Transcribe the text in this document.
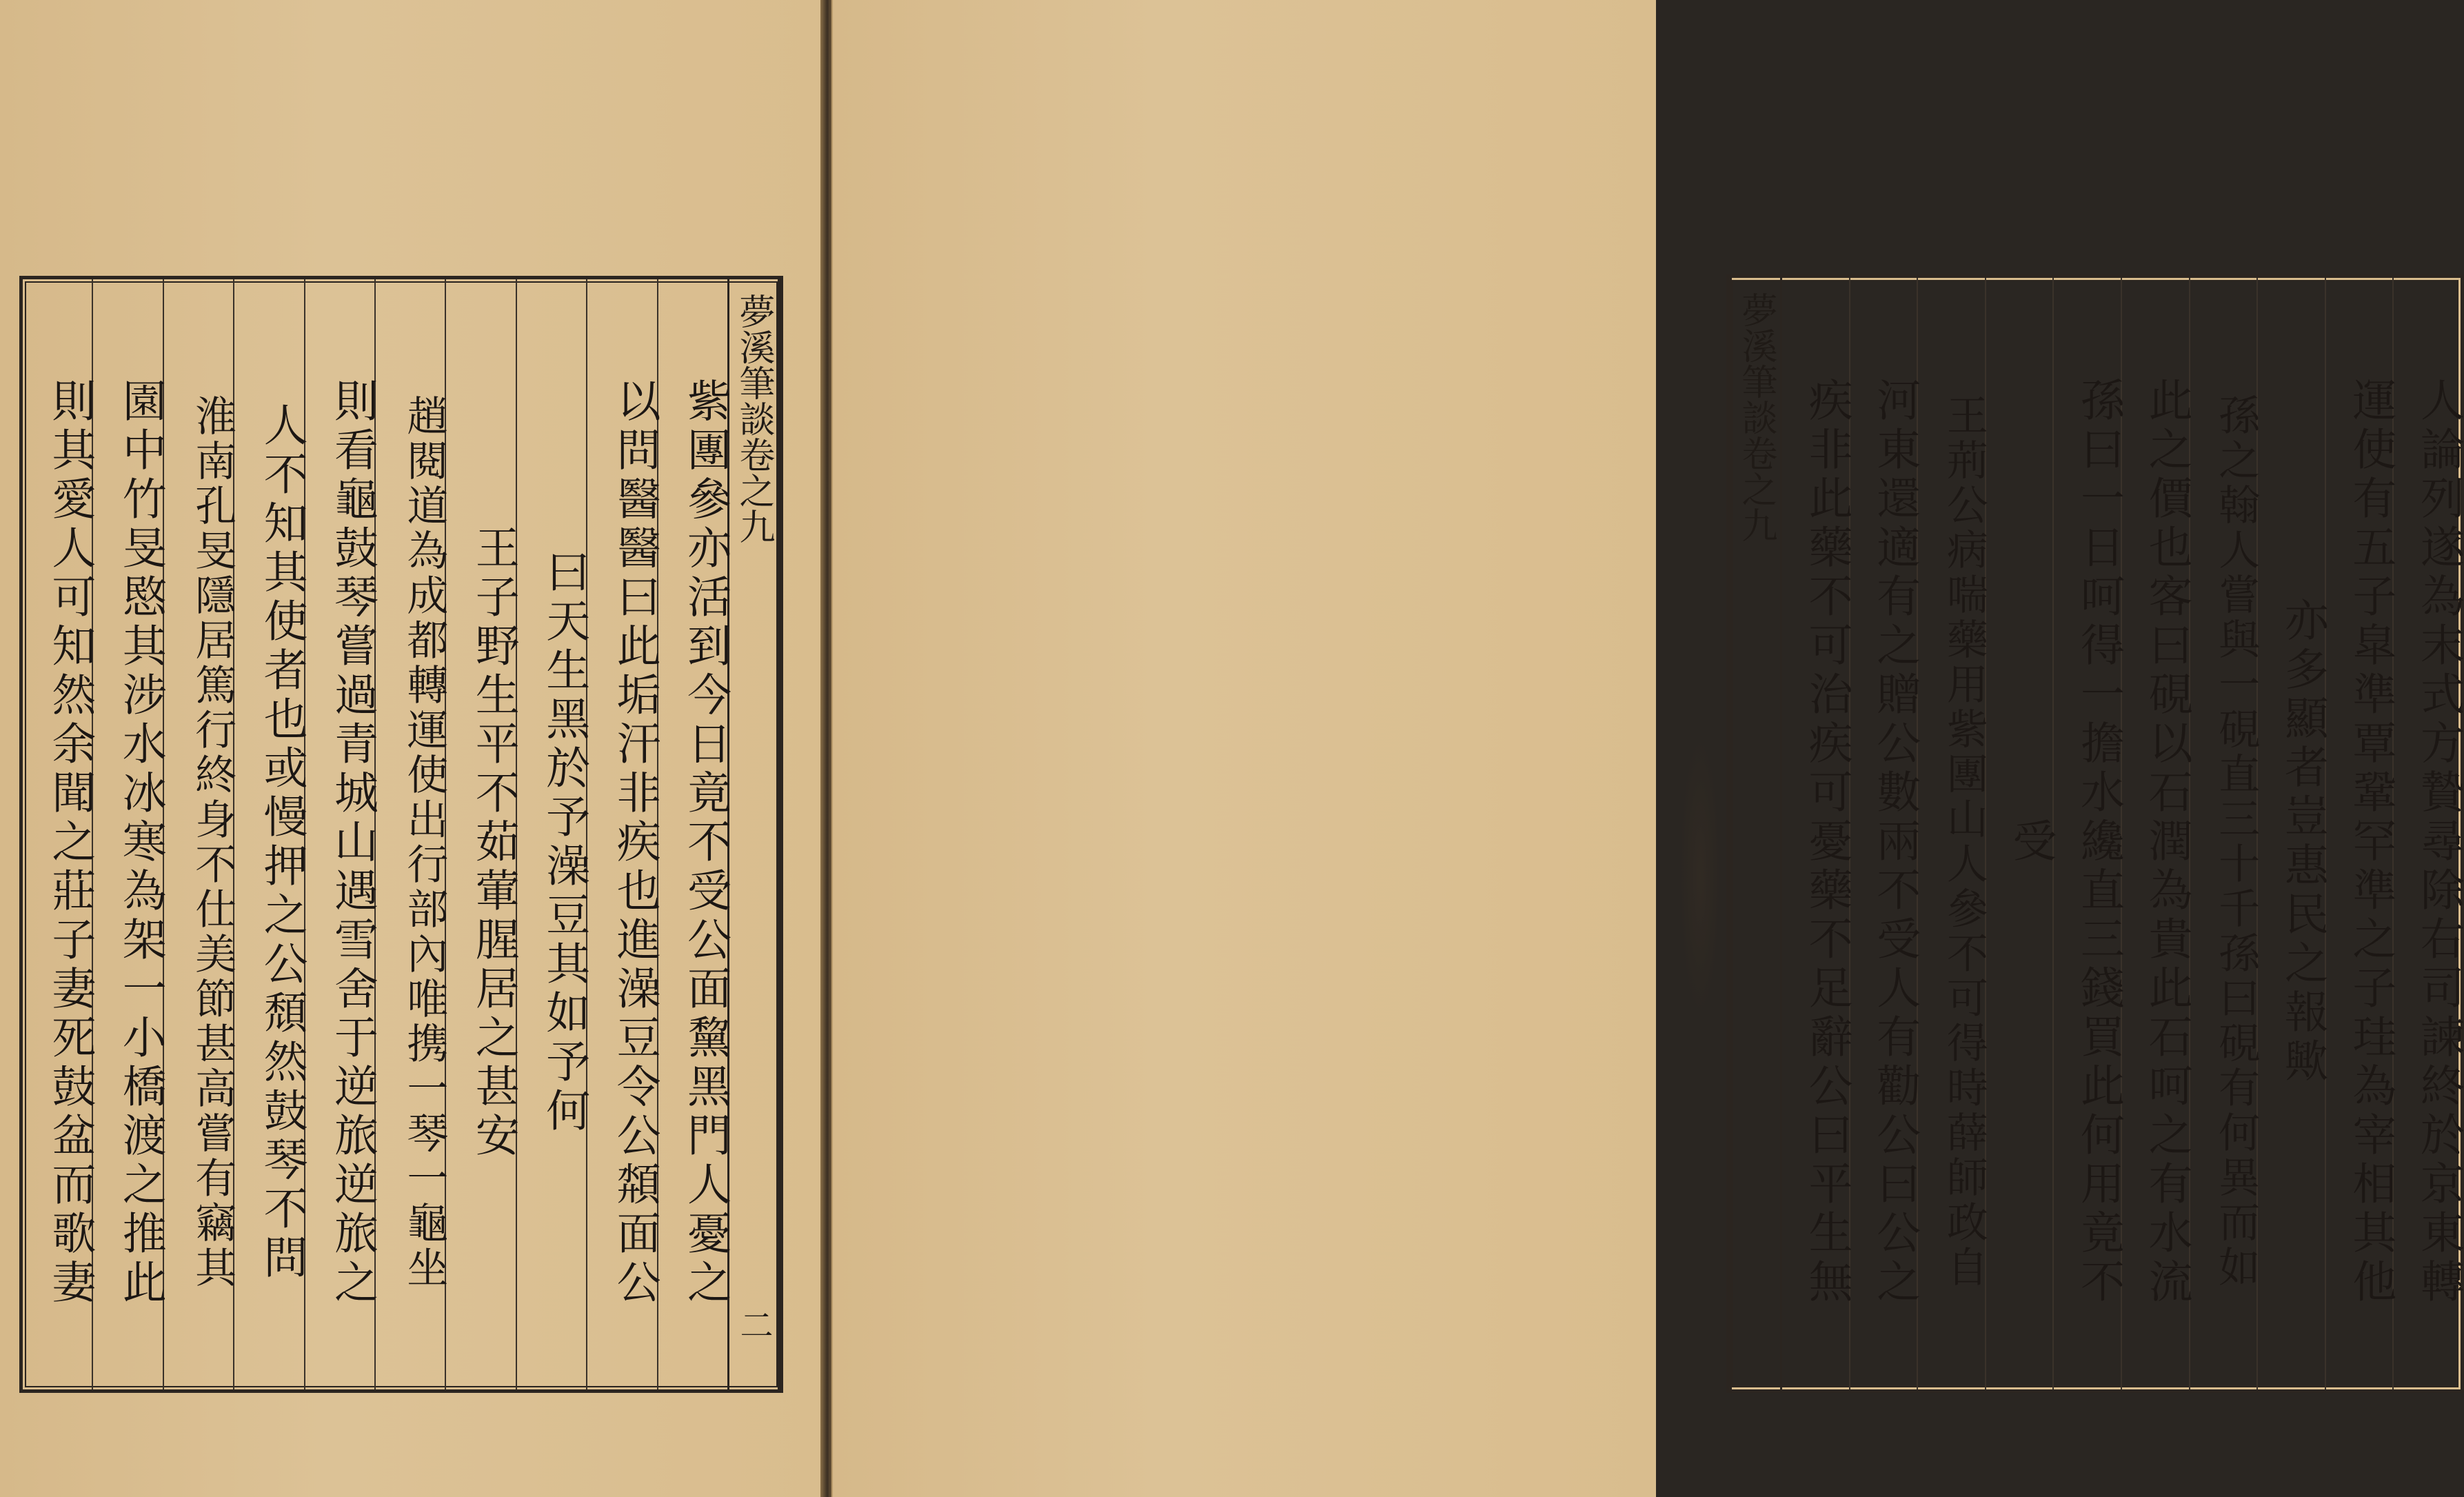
夢溪筆談卷之九
二
紫團參亦活到今日竟不受公面黧黑門人憂之
以問醫醫曰此垢汗非疾也進澡豆令公頮面公
曰天生黑於予澡豆其如予何
王子野生平不茹葷腥居之甚安
趙閱道為成都轉運使出行部內唯携一琴一龜坐
則看龜鼓琴嘗過青城山遇雪舍于逆旅逆旅之
人不知其使者也或慢押之公頹然鼓琴不問
淮南孔旻隱居篤行終身不仕美節甚高嘗有竊其
園中竹旻愍其涉水冰寒為架一小橋渡之推此
則其愛人可知然余聞之莊子妻死鼓盆而歌妻
夢溪筆談卷之九	人論列遂為末式方贄尋除右司諫終於京東轉
運使有五子皐準覃鞏罕準之子珪為宰相其他
亦多顯者豈惠民之報歟
孫之翰人嘗與一硯直三十千孫曰硯有何異而如
此之價也客曰硯以石潤為貴此石呵之有水流
孫曰一日呵得一擔水纔直三錢買此何用竟不
受
王荊公病喘藥用紫團山人參不可得時薛師政自
河東還適有之贈公數兩不受人有勸公曰公之
疾非此藥不可治疾可憂藥不足辭公曰平生無
